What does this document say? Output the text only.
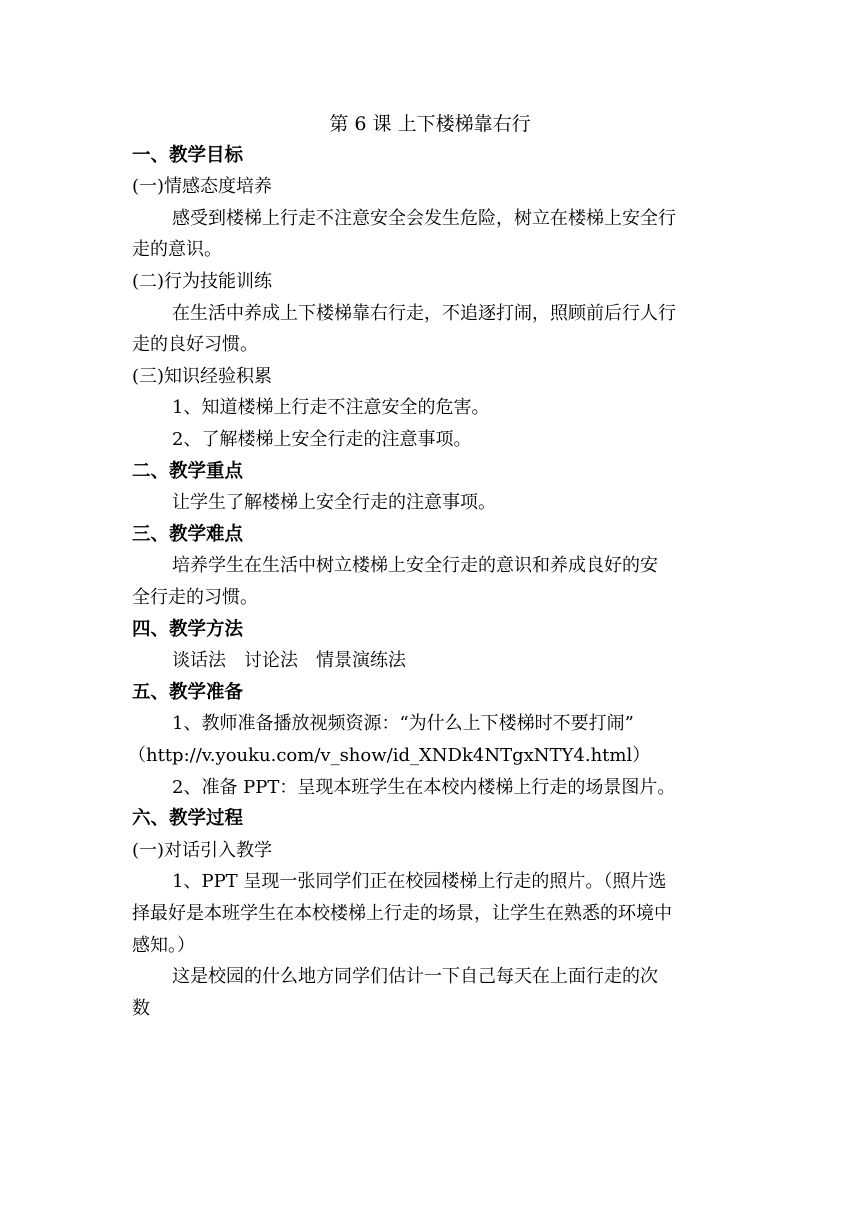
第 6 课 上下楼梯靠右行
一、教学目标
(一)情感态度培养
感受到楼梯上行走不注意安全会发生危险，树立在楼梯上安全行
走的意识。
(二)行为技能训练
在生活中养成上下楼梯靠右行走，不追逐打闹，照顾前后行人行
走的良好习惯。
(三)知识经验积累
1、知道楼梯上行走不注意安全的危害。
2、了解楼梯上安全行走的注意事项。
二、教学重点
让学生了解楼梯上安全行走的注意事项。
三、教学难点
培养学生在生活中树立楼梯上安全行走的意识和养成良好的安
全行走的习惯。
四、教学方法
谈话法　讨论法　情景演练法
五、教学准备
1、教师准备播放视频资源：“为什么上下楼梯时不要打闹”
（http://v.youku.com/v_show/id_XNDk4NTgxNTY4.html）
2、准备 PPT：呈现本班学生在本校内楼梯上行走的场景图片。
六、教学过程
(一)对话引入教学
1、PPT 呈现一张同学们正在校园楼梯上行走的照片。（照片选
择最好是本班学生在本校楼梯上行走的场景，让学生在熟悉的环境中
感知。）
这是校园的什么地方同学们估计一下自己每天在上面行走的次
数
